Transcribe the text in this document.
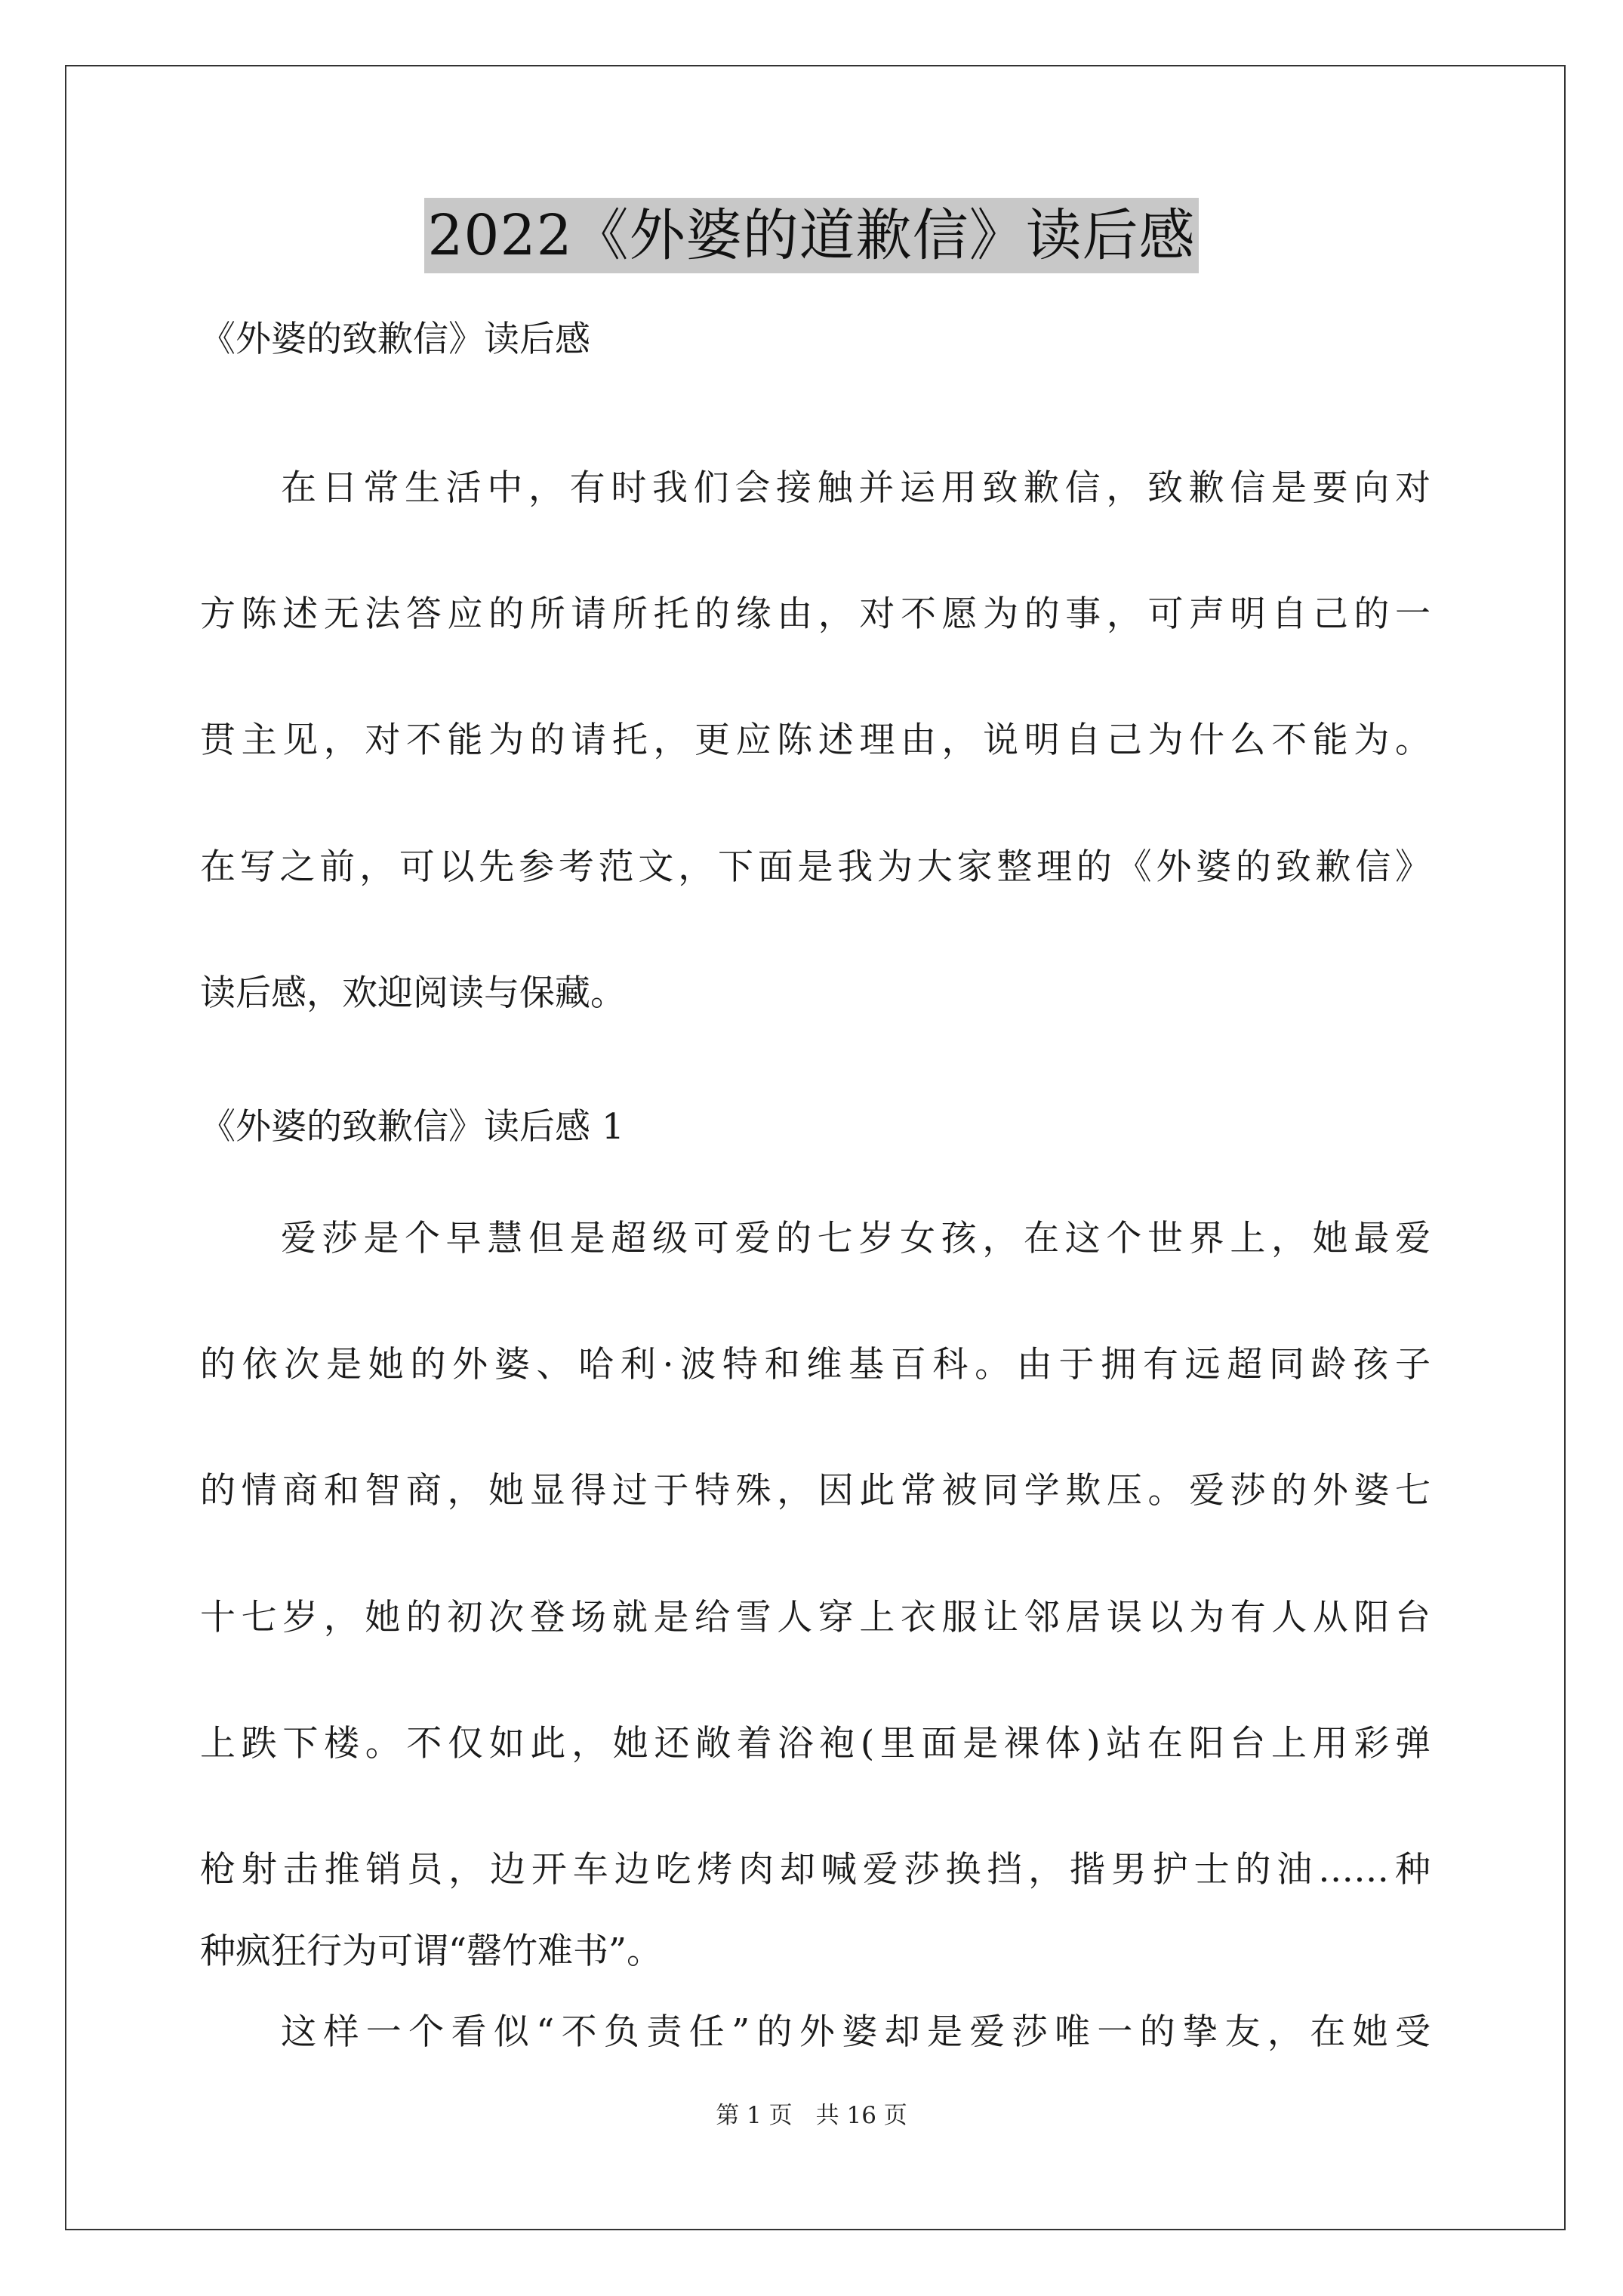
2022《外婆的道歉信》读后感
《外婆的致歉信》读后感
在日常生活中，有时我们会接触并运用致歉信，致歉信是要向对
方陈述无法答应的所请所托的缘由，对不愿为的事，可声明自己的一
贯主见，对不能为的请托，更应陈述理由，说明自己为什么不能为。
在写之前，可以先参考范文，下面是我为大家整理的《外婆的致歉信》
读后感，欢迎阅读与保藏。
《外婆的致歉信》读后感 1
爱莎是个早慧但是超级可爱的七岁女孩，在这个世界上，她最爱
的依次是她的外婆、哈利·波特和维基百科。由于拥有远超同龄孩子
的情商和智商，她显得过于特殊，因此常被同学欺压。爱莎的外婆七
十七岁，她的初次登场就是给雪人穿上衣服让邻居误以为有人从阳台
上跌下楼。不仅如此，她还敞着浴袍(里面是裸体)站在阳台上用彩弹
枪射击推销员，边开车边吃烤肉却喊爱莎换挡，揩男护士的油……种
第 1 页　共 16 页
种疯狂行为可谓“罄竹难书”。
这样一个看似“不负责任”的外婆却是爱莎唯一的挚友，在她受
